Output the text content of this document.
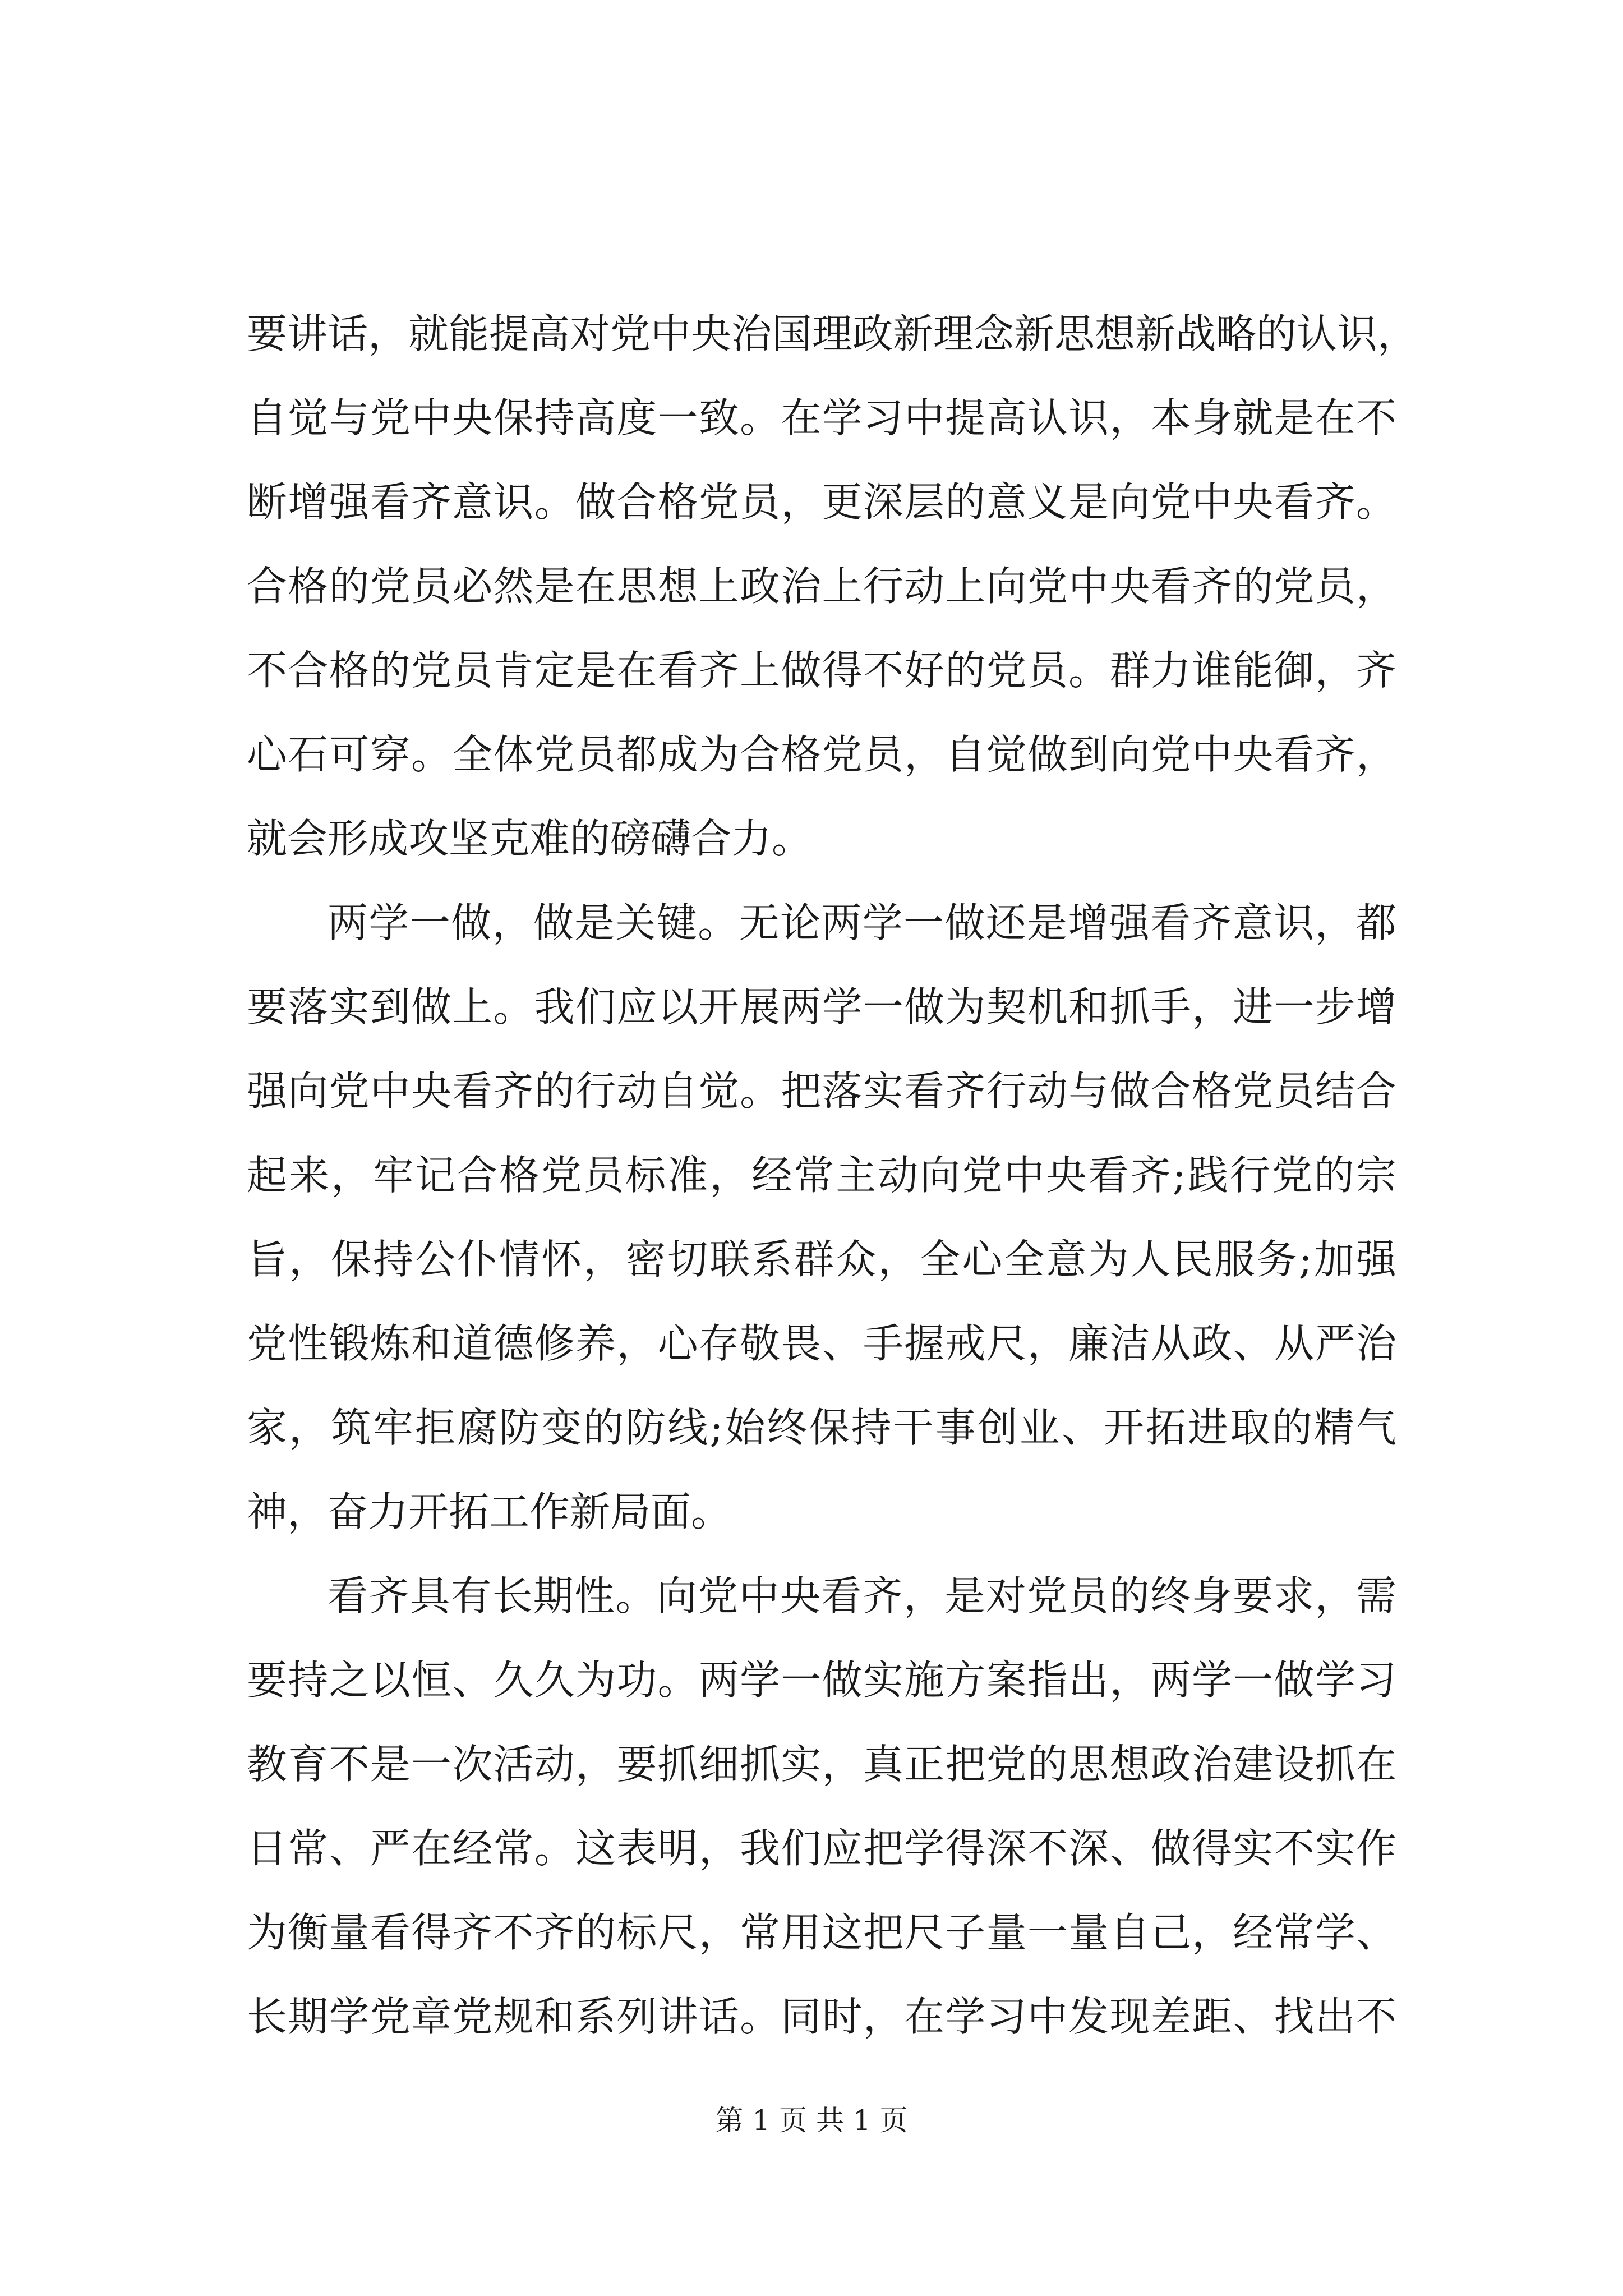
要讲话，就能提高对党中央治国理政新理念新思想新战略的认识，
自觉与党中央保持高度一致。在学习中提高认识，本身就是在不
断增强看齐意识。做合格党员，更深层的意义是向党中央看齐。
合格的党员必然是在思想上政治上行动上向党中央看齐的党员，
不合格的党员肯定是在看齐上做得不好的党员。群力谁能御，齐
心石可穿。全体党员都成为合格党员，自觉做到向党中央看齐，
就会形成攻坚克难的磅礴合力。
两学一做，做是关键。无论两学一做还是增强看齐意识，都
要落实到做上。我们应以开展两学一做为契机和抓手，进一步增
强向党中央看齐的行动自觉。把落实看齐行动与做合格党员结合
起来，牢记合格党员标准，经常主动向党中央看齐;践行党的宗
旨，保持公仆情怀，密切联系群众，全心全意为人民服务;加强
党性锻炼和道德修养，心存敬畏、手握戒尺，廉洁从政、从严治
家，筑牢拒腐防变的防线;始终保持干事创业、开拓进取的精气
神，奋力开拓工作新局面。
看齐具有长期性。向党中央看齐，是对党员的终身要求，需
要持之以恒、久久为功。两学一做实施方案指出，两学一做学习
教育不是一次活动，要抓细抓实，真正把党的思想政治建设抓在
日常、严在经常。这表明，我们应把学得深不深、做得实不实作
为衡量看得齐不齐的标尺，常用这把尺子量一量自己，经常学、
长期学党章党规和系列讲话。同时，在学习中发现差距、找出不
第 1 页 共 1 页
